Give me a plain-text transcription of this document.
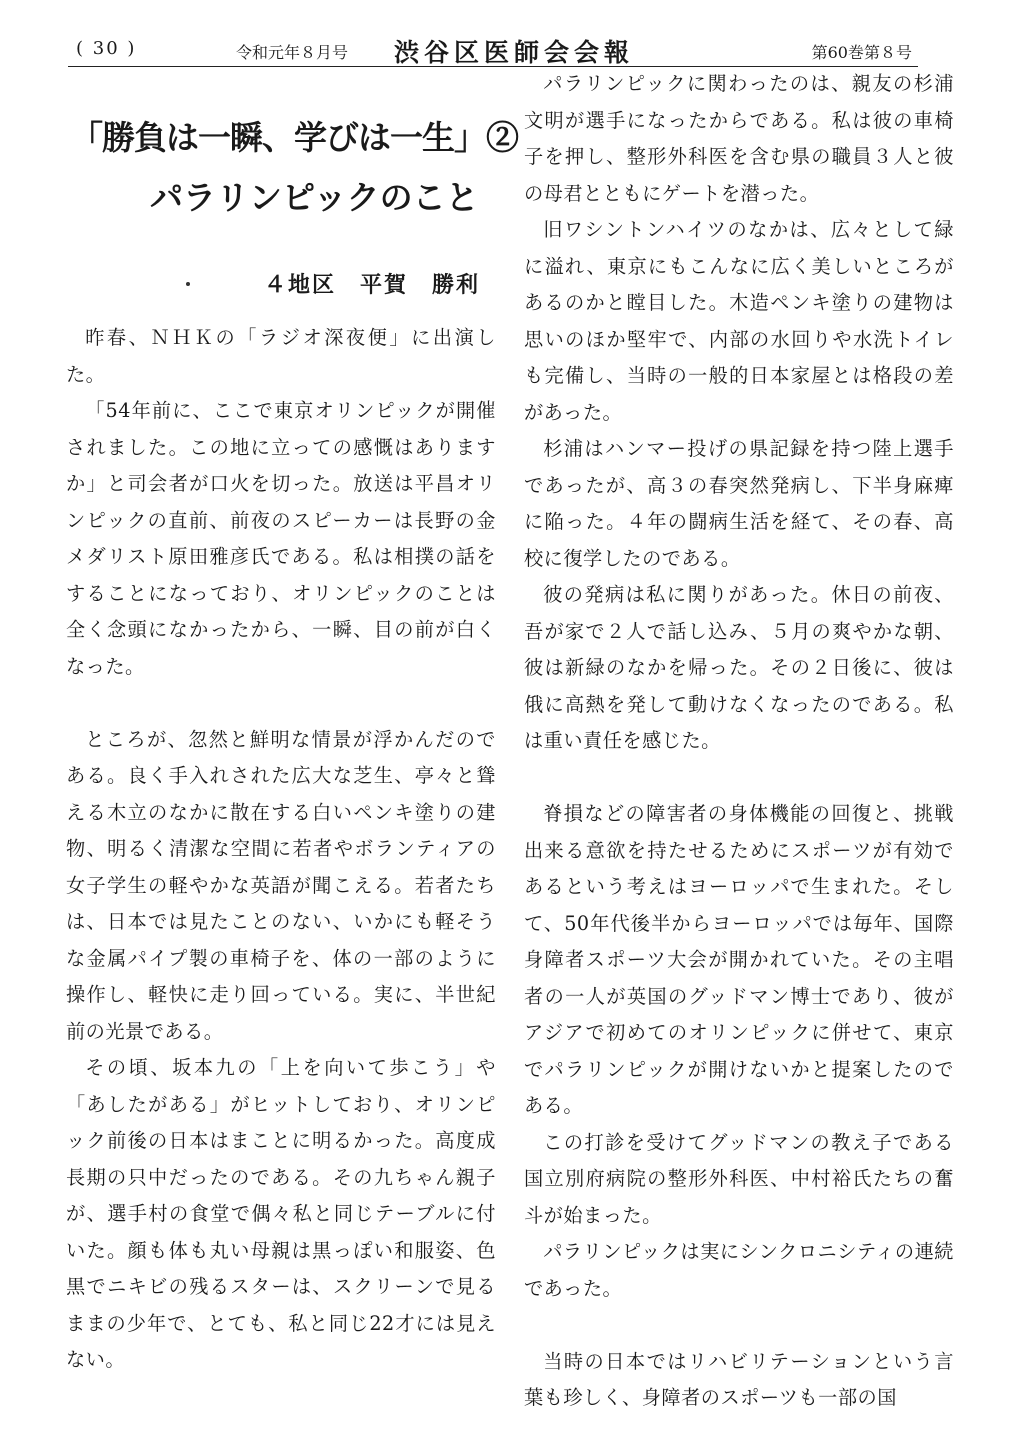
( 30 )	令和元年８月号 渋谷区医師会会報	第60巻第８号
「勝負は一瞬、学びは一生」②
パラリンピックのこと
４地区　平賀　勝利

昨春、ＮＨＫの「ラジオ深夜便」に出演した。

「54年前に、ここで東京オリンピックが開催されました。この地に立っての感慨はありますか」と司会者が口火を切った。放送は平昌オリンピックの直前、前夜のスピーカーは長野の金メダリスト原田雅彦氏である。私は相撲の話をすることになっており、オリンピックのことは全く念頭になかったから、一瞬、目の前が白くなった。

ところが、忽然と鮮明な情景が浮かんだのである。良く手入れされた広大な芝生、亭々と聳える木立のなかに散在する白いペンキ塗りの建物、明るく清潔な空間に若者やボランティアの女子学生の軽やかな英語が聞こえる。若者たちは、日本では見たことのない、いかにも軽そうな金属パイプ製の車椅子を、体の一部のように操作し、軽快に走り回っている。実に、半世紀前の光景である。

その頃、坂本九の「上を向いて歩こう」や「あしたがある」がヒットしており、オリンピック前後の日本はまことに明るかった。高度成長期の只中だったのである。その九ちゃん親子が、選手村の食堂で偶々私と同じテーブルに付いた。顔も体も丸い母親は黒っぽい和服姿、色黒でニキビの残るスターは、スクリーンで見るままの少年で、とても、私と同じ22才には見えない。

パラリンピックに関わったのは、親友の杉浦文明が選手になったからである。私は彼の車椅子を押し、整形外科医を含む県の職員３人と彼の母君とともにゲートを潜った。

旧ワシントンハイツのなかは、広々として緑に溢れ、東京にもこんなに広く美しいところがあるのかと瞠目した。木造ペンキ塗りの建物は思いのほか堅牢で、内部の水回りや水洗トイレも完備し、当時の一般的日本家屋とは格段の差があった。

杉浦はハンマー投げの県記録を持つ陸上選手であったが、高３の春突然発病し、下半身麻痺に陥った。４年の闘病生活を経て、その春、高校に復学したのである。

彼の発病は私に関りがあった。休日の前夜、吾が家で２人で話し込み、５月の爽やかな朝、彼は新緑のなかを帰った。その２日後に、彼は俄に高熱を発して動けなくなったのである。私は重い責任を感じた。

脊損などの障害者の身体機能の回復と、挑戦出来る意欲を持たせるためにスポーツが有効であるという考えはヨーロッパで生まれた。そして、50年代後半からヨーロッパでは毎年、国際身障者スポーツ大会が開かれていた。その主唱者の一人が英国のグッドマン博士であり、彼がアジアで初めてのオリンピックに併せて、東京でパラリンピックが開けないかと提案したのである。

この打診を受けてグッドマンの教え子である国立別府病院の整形外科医、中村裕氏たちの奮斗が始まった。

パラリンピックは実にシンクロニシティの連続であった。

当時の日本ではリハビリテーションという言葉も珍しく、身障者のスポーツも一部の国
